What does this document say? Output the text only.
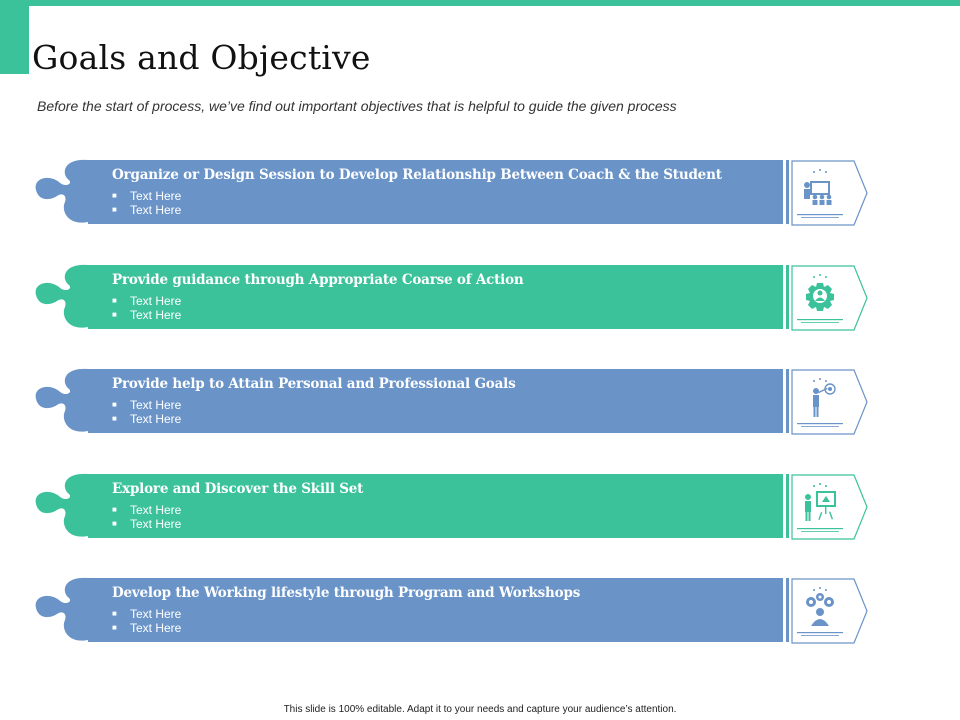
Goals and Objective

Before the start of process, we’ve find out important objectives that is helpful to guide the given process

Organize or Design Session to Develop Relationship Between Coach & the Student
■ Text Here
■ Text Here
Provide guidance through Appropriate Coarse of Action
■ Text Here
■ Text Here
Provide help to Attain Personal and Professional Goals
■ Text Here
■ Text Here
Explore and Discover the Skill Set
■ Text Here
■ Text Here
Develop the Working lifestyle through Program and Workshops
■ Text Here
■ Text Here
This slide is 100% editable. Adapt it to your needs and capture your audience’s attention.
